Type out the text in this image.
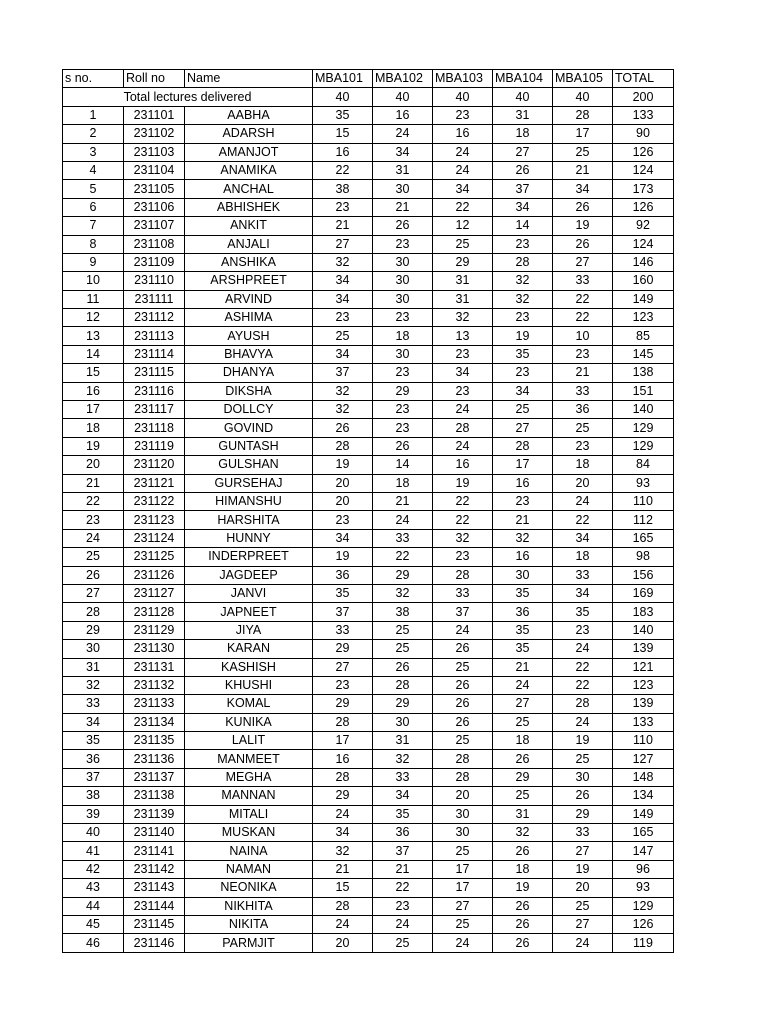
s no.	Roll no	Name	MBA101	MBA102	MBA103	MBA104	MBA105	TOTAL
Total lectures delivered			40	40	40	40	40	200
1	231101	AABHA	35	16	23	31	28	133
2	231102	ADARSH	15	24	16	18	17	90
3	231103	AMANJOT	16	34	24	27	25	126
4	231104	ANAMIKA	22	31	24	26	21	124
5	231105	ANCHAL	38	30	34	37	34	173
6	231106	ABHISHEK	23	21	22	34	26	126
7	231107	ANKIT	21	26	12	14	19	92
8	231108	ANJALI	27	23	25	23	26	124
9	231109	ANSHIKA	32	30	29	28	27	146
10	231110	ARSHPREET	34	30	31	32	33	160
11	231111	ARVIND	34	30	31	32	22	149
12	231112	ASHIMA	23	23	32	23	22	123
13	231113	AYUSH	25	18	13	19	10	85
14	231114	BHAVYA	34	30	23	35	23	145
15	231115	DHANYA	37	23	34	23	21	138
16	231116	DIKSHA	32	29	23	34	33	151
17	231117	DOLLCY	32	23	24	25	36	140
18	231118	GOVIND	26	23	28	27	25	129
19	231119	GUNTASH	28	26	24	28	23	129
20	231120	GULSHAN	19	14	16	17	18	84
21	231121	GURSEHAJ	20	18	19	16	20	93
22	231122	HIMANSHU	20	21	22	23	24	110
23	231123	HARSHITA	23	24	22	21	22	112
24	231124	HUNNY	34	33	32	32	34	165
25	231125	INDERPREET	19	22	23	16	18	98
26	231126	JAGDEEP	36	29	28	30	33	156
27	231127	JANVI	35	32	33	35	34	169
28	231128	JAPNEET	37	38	37	36	35	183
29	231129	JIYA	33	25	24	35	23	140
30	231130	KARAN	29	25	26	35	24	139
31	231131	KASHISH	27	26	25	21	22	121
32	231132	KHUSHI	23	28	26	24	22	123
33	231133	KOMAL	29	29	26	27	28	139
34	231134	KUNIKA	28	30	26	25	24	133
35	231135	LALIT	17	31	25	18	19	110
36	231136	MANMEET	16	32	28	26	25	127
37	231137	MEGHA	28	33	28	29	30	148
38	231138	MANNAN	29	34	20	25	26	134
39	231139	MITALI	24	35	30	31	29	149
40	231140	MUSKAN	34	36	30	32	33	165
41	231141	NAINA	32	37	25	26	27	147
42	231142	NAMAN	21	21	17	18	19	96
43	231143	NEONIKA	15	22	17	19	20	93
44	231144	NIKHITA	28	23	27	26	25	129
45	231145	NIKITA	24	24	25	26	27	126
46	231146	PARMJIT	20	25	24	26	24	119
